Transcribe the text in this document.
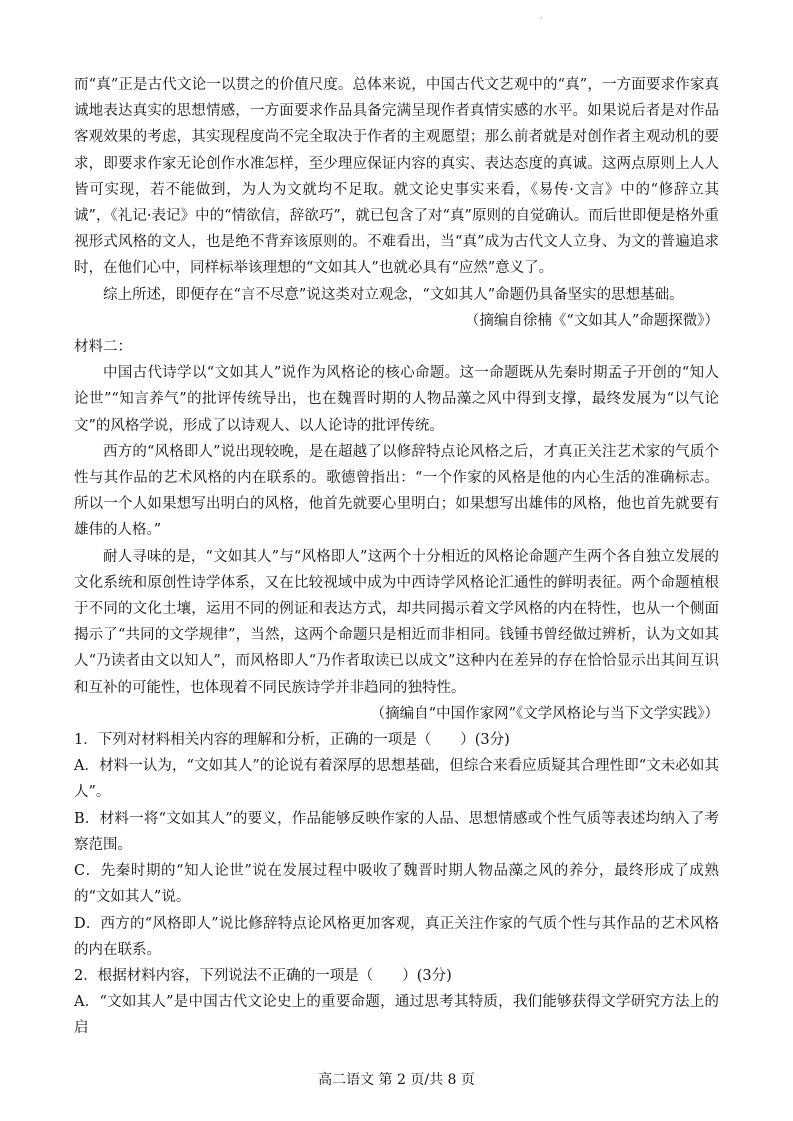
·

而“真”正是古代文论一以贯之的价值尺度。总体来说，中国古代文艺观中的“真”，一方面要求作家真诚地表达真实的思想情感，一方面要求作品具备完满呈现作者真情实感的水平。如果说后者是对作品客观效果的考虑，其实现程度尚不完全取决于作者的主观愿望；那么前者就是对创作者主观动机的要求，即要求作家无论创作水准怎样，至少理应保证内容的真实、表达态度的真诚。这两点原则上人人皆可实现，若不能做到，为人为文就均不足取。就文论史事实来看，《易传·文言》中的“修辞立其诚”，《礼记·表记》中的“情欲信，辞欲巧”，就已包含了对“真”原则的自觉确认。而后世即便是格外重视形式风格的文人，也是绝不背弃该原则的。不难看出，当“真”成为古代文人立身、为文的普遍追求时，在他们心中，同样标举该理想的“文如其人”也就必具有“应然”意义了。

综上所述，即便存在“言不尽意”说这类对立观念，“文如其人”命题仍具备坚实的思想基础。

（摘编自徐楠《“文如其人”命题探微》）

材料二：

中国古代诗学以“文如其人”说作为风格论的核心命题。这一命题既从先秦时期孟子开创的“知人论世”“知言养气”的批评传统导出，也在魏晋时期的人物品藻之风中得到支撑，最终发展为“以气论文”的风格学说，形成了以诗观人、以人论诗的批评传统。

西方的“风格即人”说出现较晚，是在超越了以修辞特点论风格之后，才真正关注艺术家的气质个性与其作品的艺术风格的内在联系的。歌德曾指出：“一个作家的风格是他的内心生活的准确标志。所以一个人如果想写出明白的风格，他首先就要心里明白；如果想写出雄伟的风格，他也首先就要有雄伟的人格。”

耐人寻味的是，“文如其人”与“风格即人”这两个十分相近的风格论命题产生两个各自独立发展的文化系统和原创性诗学体系，又在比较视域中成为中西诗学风格论汇通性的鲜明表征。两个命题植根于不同的文化土壤，运用不同的例证和表达方式，却共同揭示着文学风格的内在特性，也从一个侧面揭示了“共同的文学规律”，当然，这两个命题只是相近而非相同。钱锺书曾经做过辨析，认为文如其人“乃读者由文以知人”，而风格即人“乃作者取读已以成文”这种内在差异的存在恰恰显示出其间互识和互补的可能性，也体现着不同民族诗学并非趋同的独特性。

（摘编自“中国作家网”《文学风格论与当下文学实践》）

1．下列对材料相关内容的理解和分析，正确的一项是（　　）(3分)

A．材料一认为，“文如其人”的论说有着深厚的思想基础，但综合来看应质疑其合理性即“文未必如其人”。

B．材料一将“文如其人”的要义，作品能够反映作家的人品、思想情感或个性气质等表述均纳入了考察范围。

C．先秦时期的“知人论世”说在发展过程中吸收了魏晋时期人物品藻之风的养分，最终形成了成熟的“文如其人”说。

D．西方的“风格即人”说比修辞特点论风格更加客观，真正关注作家的气质个性与其作品的艺术风格的内在联系。

2．根据材料内容，下列说法不正确的一项是（　　）(3分)

A．“文如其人”是中国古代文论史上的重要命题，通过思考其特质，我们能够获得文学研究方法上的启

高二语文 第 2 页/共 8 页
